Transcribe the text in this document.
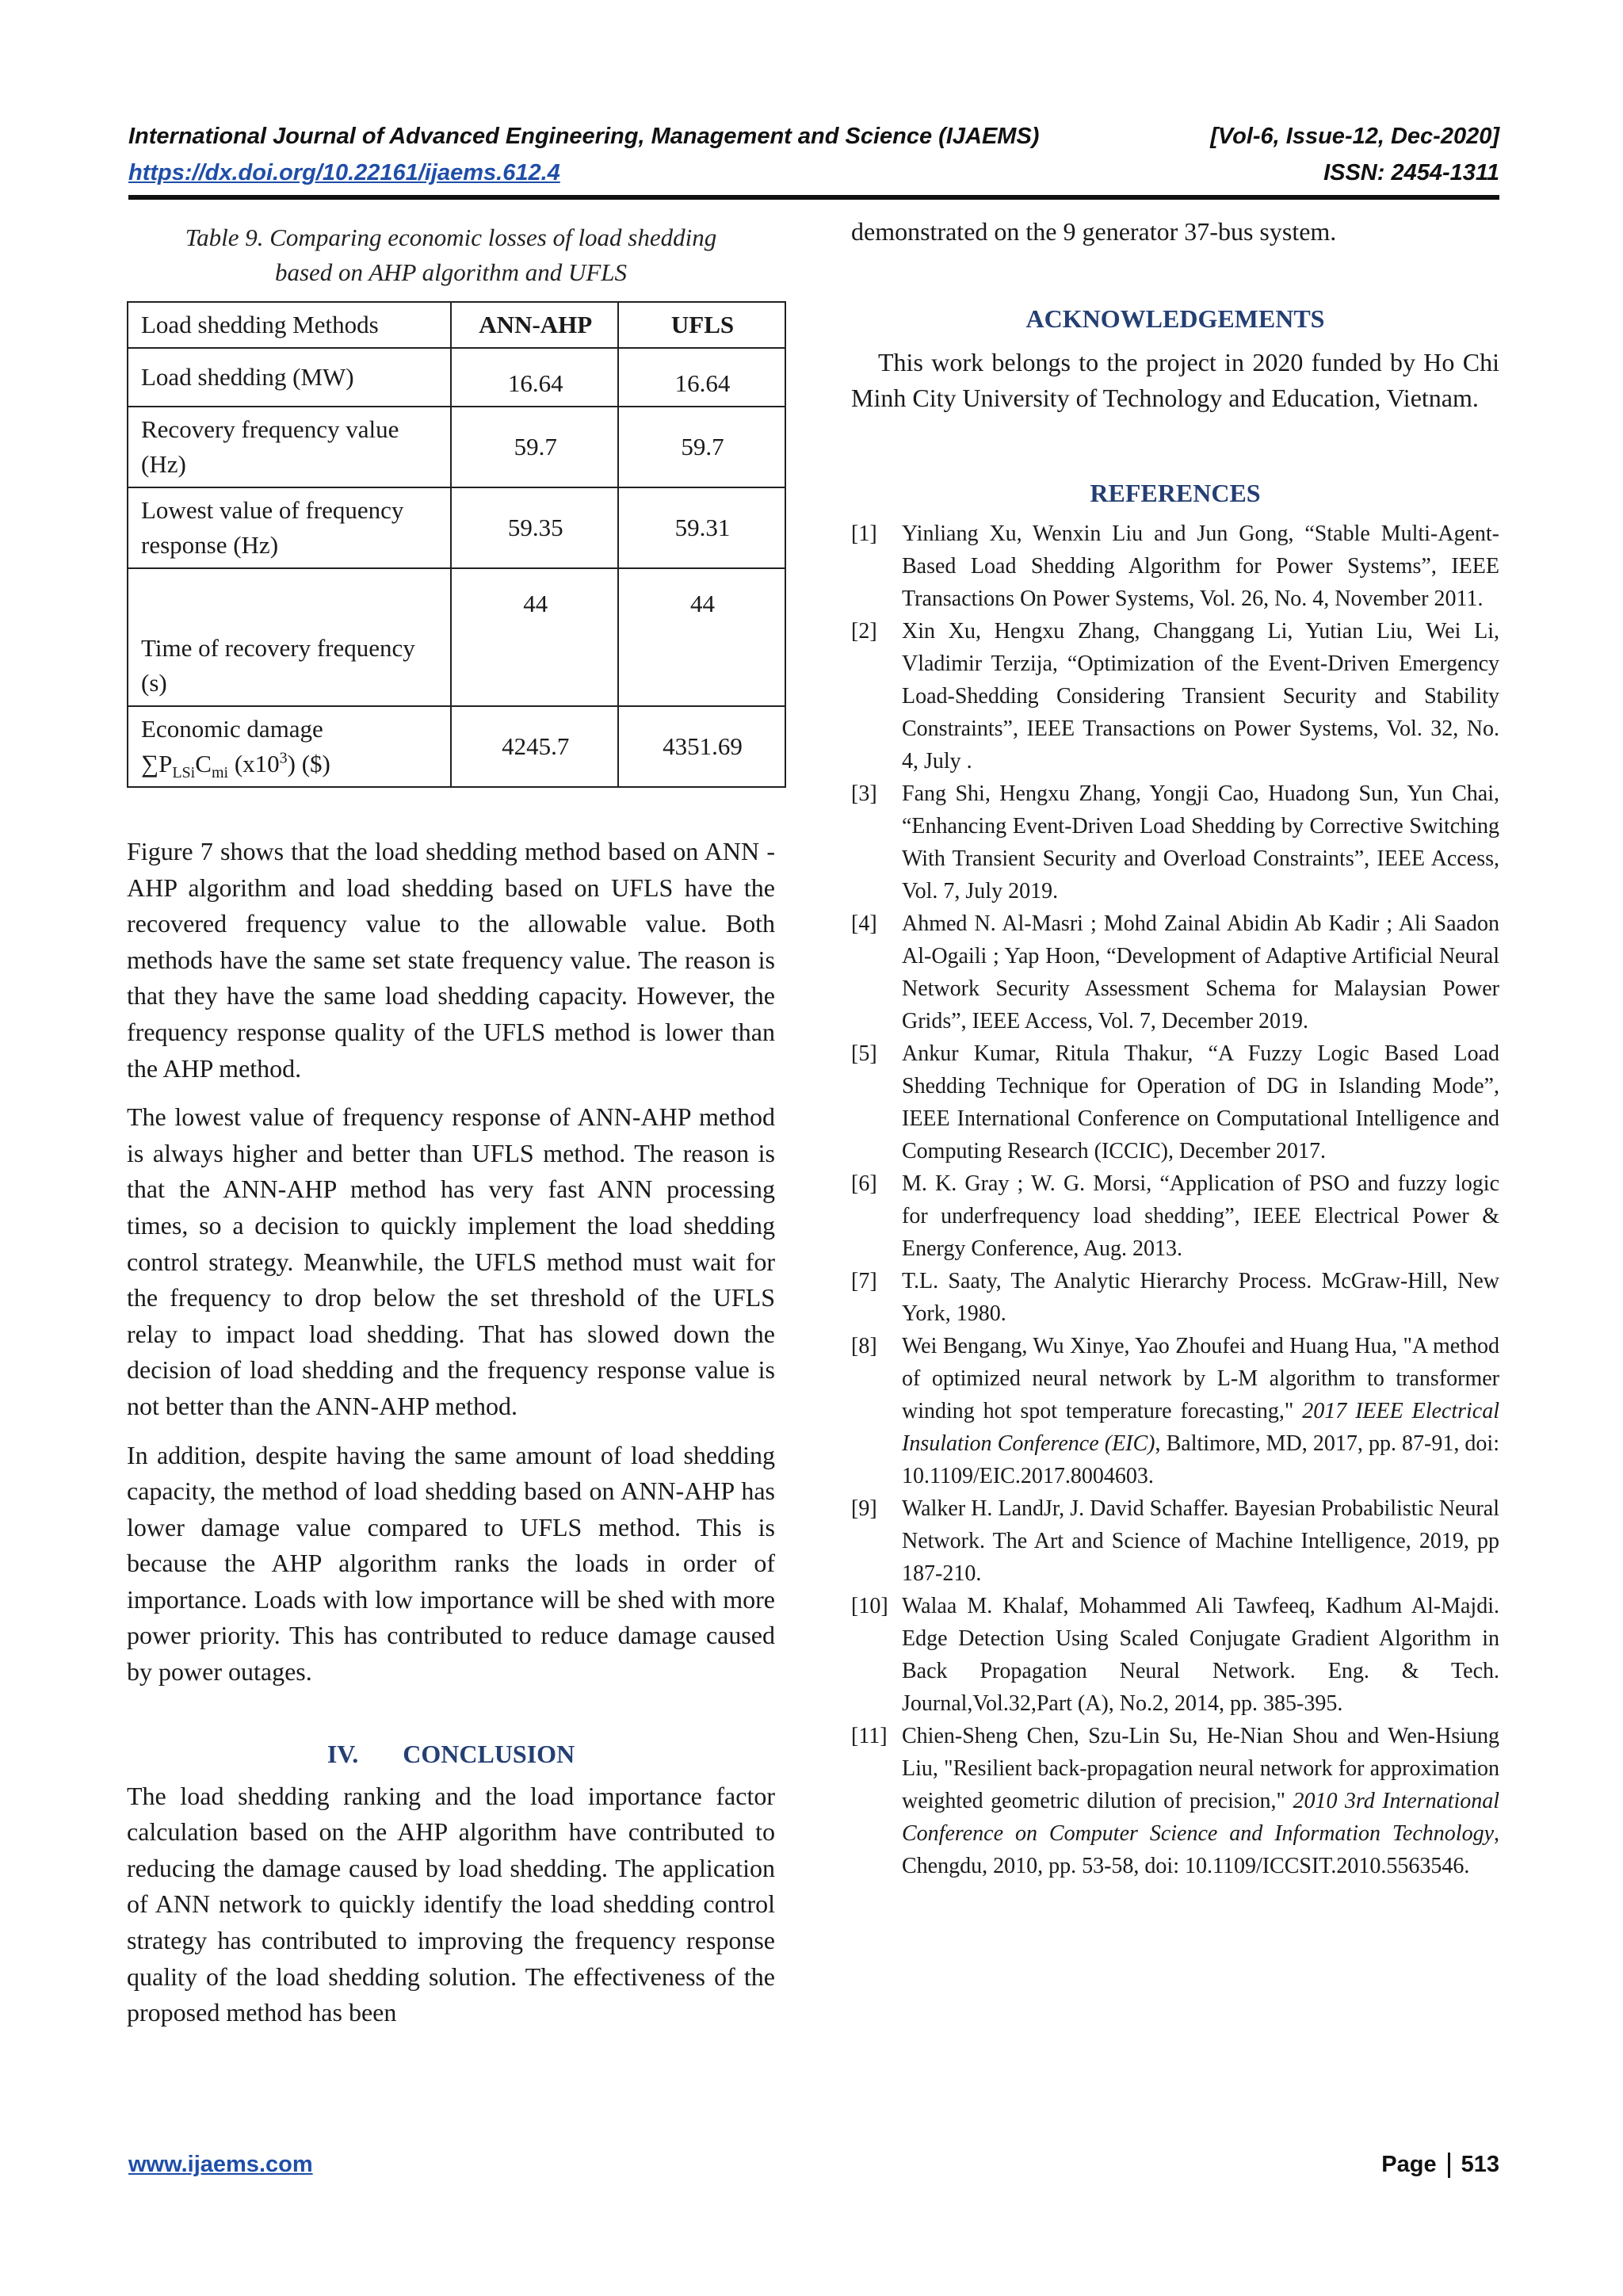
International Journal of Advanced Engineering, Management and Science (IJAEMS)	[Vol-6, Issue-12, Dec-2020]
https://dx.doi.org/10.22161/ijaems.612.4	ISSN: 2454-1311

Table 9. Comparing economic losses of load shedding
based on AHP algorithm and UFLS

Load shedding Methods	ANN-AHP	UFLS
Load shedding (MW)	16.64	16.64
Recovery frequency value (Hz)	59.7	59.7
Lowest value of frequency response (Hz)	59.35	59.31
Time of recovery frequency (s)	44	44
Economic damage
$\sum P_{LSi}C_{mi}$ $(x10^3)$ ($)	4245.7	4351.69

Figure 7 shows that the load shedding method based on ANN - AHP algorithm and load shedding based on UFLS have the recovered frequency value to the allowable value. Both methods have the same set state frequency value. The reason is that they have the same load shedding capacity. However, the frequency response quality of the UFLS method is lower than the AHP method.

The lowest value of frequency response of ANN-AHP method is always higher and better than UFLS method. The reason is that the ANN-AHP method has very fast ANN processing times, so a decision to quickly implement the load shedding control strategy. Meanwhile, the UFLS method must wait for the frequency to drop below the set threshold of the UFLS relay to impact load shedding. That has slowed down the decision of load shedding and the frequency response value is not better than the ANN-AHP method.

In addition, despite having the same amount of load shedding capacity, the method of load shedding based on ANN-AHP has lower damage value compared to UFLS method. This is because the AHP algorithm ranks the loads in order of importance. Loads with low importance will be shed with more power priority. This has contributed to reduce damage caused by power outages.

IV. CONCLUSION

The load shedding ranking and the load importance factor calculation based on the AHP algorithm have contributed to reducing the damage caused by load shedding. The application of ANN network to quickly identify the load shedding control strategy has contributed to improving the frequency response quality of the load shedding solution. The effectiveness of the proposed method has been

demonstrated on the 9 generator 37-bus system.

ACKNOWLEDGEMENTS

This work belongs to the project in 2020 funded by Ho Chi Minh City University of Technology and Education, Vietnam.

REFERENCES

[1] Yinliang Xu, Wenxin Liu and Jun Gong, “Stable Multi-Agent-Based Load Shedding Algorithm for Power Systems”, IEEE Transactions On Power Systems, Vol. 26, No. 4, November 2011.
[2] Xin Xu, Hengxu Zhang, Changgang Li, Yutian Liu, Wei Li, Vladimir Terzija, “Optimization of the Event-Driven Emergency Load-Shedding Considering Transient Security and Stability Constraints”, IEEE Transactions on Power Systems, Vol. 32, No. 4, July .
[3] Fang Shi, Hengxu Zhang, Yongji Cao, Huadong Sun, Yun Chai, “Enhancing Event-Driven Load Shedding by Corrective Switching With Transient Security and Overload Constraints”, IEEE Access, Vol. 7, July 2019.
[4] Ahmed N. Al-Masri ; Mohd Zainal Abidin Ab Kadir ; Ali Saadon Al-Ogaili ; Yap Hoon, “Development of Adaptive Artificial Neural Network Security Assessment Schema for Malaysian Power Grids”, IEEE Access, Vol. 7, December 2019.
[5] Ankur Kumar, Ritula Thakur, “A Fuzzy Logic Based Load Shedding Technique for Operation of DG in Islanding Mode”, IEEE International Conference on Computational Intelligence and Computing Research (ICCIC), December 2017.
[6] M. K. Gray ; W. G. Morsi, “Application of PSO and fuzzy logic for underfrequency load shedding”, IEEE Electrical Power & Energy Conference, Aug. 2013.
[7] T.L. Saaty, The Analytic Hierarchy Process. McGraw-Hill, New York, 1980.
[8] Wei Bengang, Wu Xinye, Yao Zhoufei and Huang Hua, "A method of optimized neural network by L-M algorithm to transformer winding hot spot temperature forecasting," 2017 IEEE Electrical Insulation Conference (EIC), Baltimore, MD, 2017, pp. 87-91, doi: 10.1109/EIC.2017.8004603.
[9] Walker H. LandJr, J. David Schaffer. Bayesian Probabilistic Neural Network. The Art and Science of Machine Intelligence, 2019, pp 187-210.
[10] Walaa M. Khalaf, Mohammed Ali Tawfeeq, Kadhum Al-Majdi. Edge Detection Using Scaled Conjugate Gradient Algorithm in Back Propagation Neural Network. Eng. & Tech. Journal,Vol.32,Part (A), No.2, 2014, pp. 385-395.
[11] Chien-Sheng Chen, Szu-Lin Su, He-Nian Shou and Wen-Hsiung Liu, "Resilient back-propagation neural network for approximation weighted geometric dilution of precision," 2010 3rd International Conference on Computer Science and Information Technology, Chengdu, 2010, pp. 53-58, doi: 10.1109/ICCSIT.2010.5563546.
www.ijaems.com	Page 513
